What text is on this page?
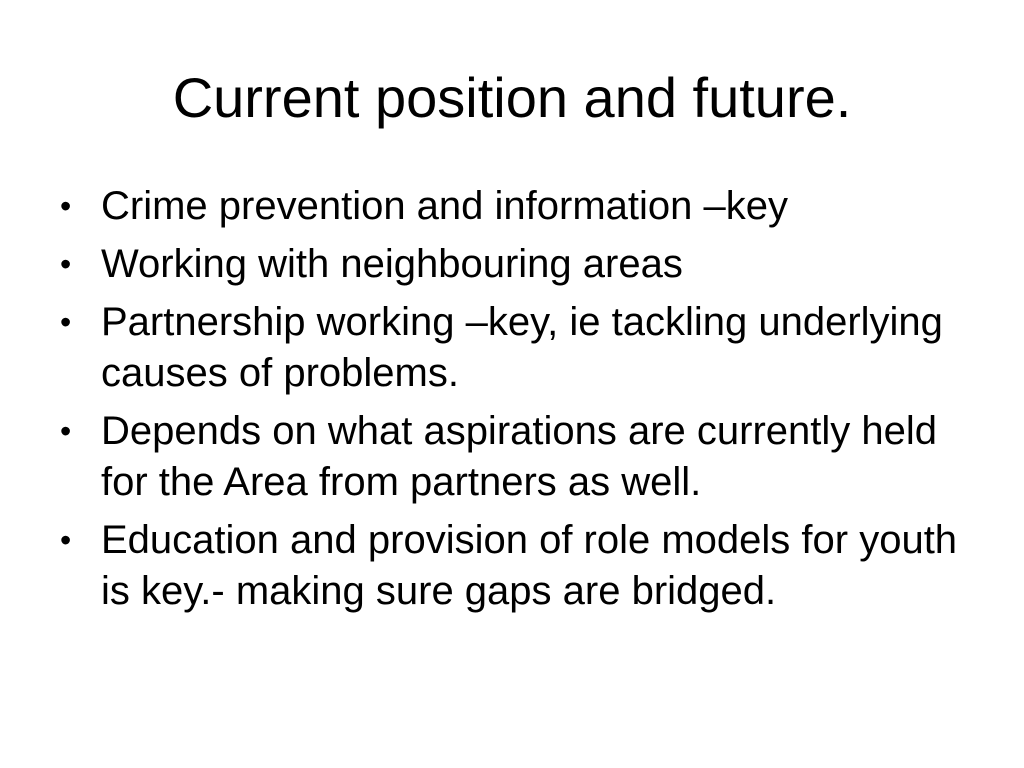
Current position and future.
• Crime prevention and information –key
• Working with neighbouring areas
• Partnership working –key, ie tackling underlying causes of problems.
• Depends on what aspirations are currently held for the Area from partners as well.
• Education and provision of role models for youth is key.- making sure gaps are bridged.
